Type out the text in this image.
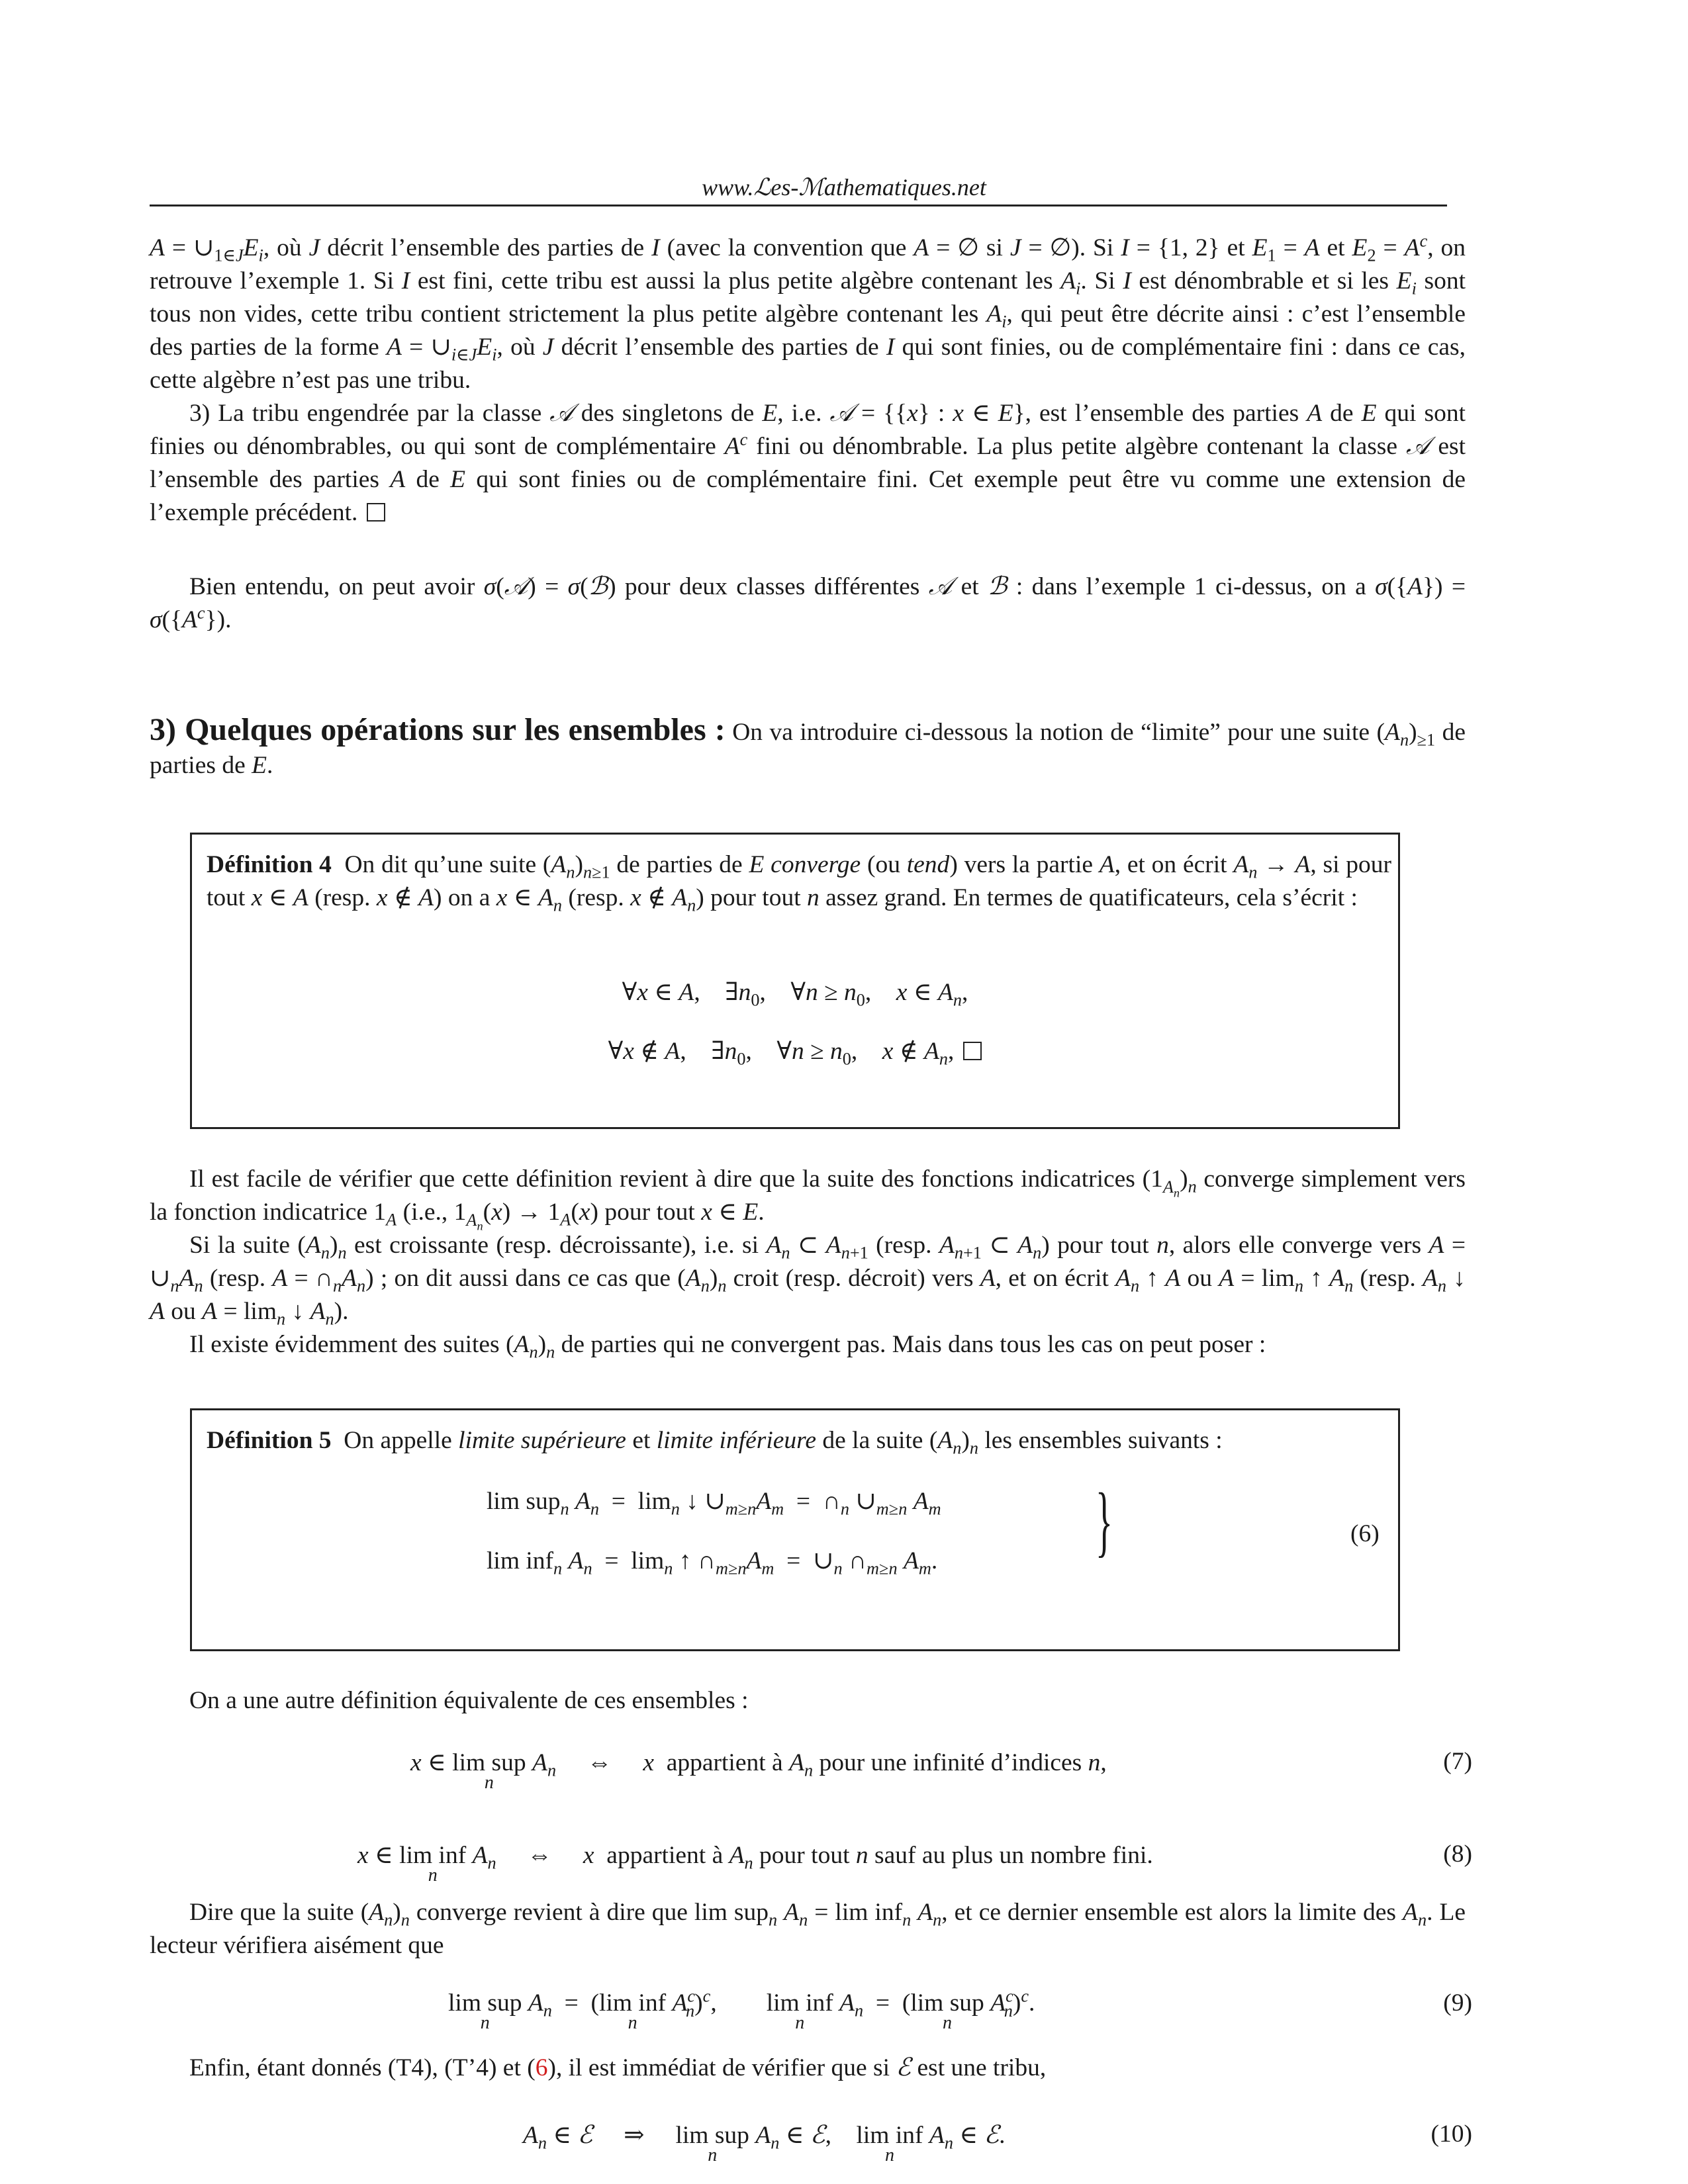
www.ℒes-ℳathematiques.net
$A = \cup_{1\in J}E_i$, où J décrit l’ensemble des parties de I (avec la convention que A = ∅ si J = ∅). Si I = {1, 2} et $E_1 = A$ et $E_2 = A^c$, on retrouve l’exemple 1. Si I est fini, cette tribu est aussi la plus petite algèbre contenant les $A_i$. Si I est dénombrable et si les $E_i$ sont tous non vides, cette tribu contient strictement la plus petite algèbre contenant les $A_i$, qui peut être décrite ainsi : c’est l’ensemble des parties de la forme $A = \cup_{i\in J}E_i$, où J décrit l’ensemble des parties de I qui sont finies, ou de complémentaire fini : dans ce cas, cette algèbre n’est pas une tribu.
3) La tribu engendrée par la classe 𝒜 des singletons de E, i.e. 𝒜 = {{x} : x ∈ E}, est l’ensemble des parties A de E qui sont finies ou dénombrables, ou qui sont de complémentaire $A^c$ fini ou dénombrable. La plus petite algèbre contenant la classe 𝒜 est l’ensemble des parties A de E qui sont finies ou de complémentaire fini. Cet exemple peut être vu comme une extension de l’exemple précédent.
Bien entendu, on peut avoir σ(𝒜) = σ(ℬ) pour deux classes différentes 𝒜 et ℬ : dans l’exemple 1 ci-dessus, on a $\sigma(\{A\}) = \sigma(\{A^c\})$.
3) Quelques opérations sur les ensembles : On va introduire ci-dessous la notion de “limite” pour une suite $(A_n)_{\ge 1}$ de parties de E.
Définition 4  On dit qu’une suite $(A_n)_{n\ge 1}$ de parties de E converge (ou tend) vers la partie A, et on écrit $A_n \to A$, si pour tout x ∈ A (resp. x ∉ A) on a x ∈ $A_n$ (resp. x ∉ $A_n$) pour tout n assez grand. En termes de quatificateurs, cela s’écrit :
∀x ∈ A,    $\exists n_0$,    ∀n ≥ $n_0$,    x ∈ $A_n$,
∀x ∉ A,    $\exists n_0$,    ∀n ≥ $n_0$,    x ∉ $A_n$,
Il est facile de vérifier que cette définition revient à dire que la suite des fonctions indicatrices $(1_{A_n})_n$ converge simplement vers la fonction indicatrice $1_A$ (i.e., $1_{A_n}(x) \to 1_A(x)$ pour tout x ∈ E.
Si la suite $(A_n)_n$ est croissante (resp. décroissante), i.e. si $A_n$ ⊂ $A_{n+1}$ (resp. $A_{n+1}$ ⊂ $A_n$) pour tout n, alors elle converge vers $A = \cup_nA_n$ (resp. $A = \cap_nA_n$) ; on dit aussi dans ce cas que $(A_n)_n$ croit (resp. décroit) vers A, et on écrit $A_n$ ↑ A ou $A = \lim_n$ ↑ $A_n$ (resp. $A_n$ ↓ A ou $A = \lim_n$ ↓ $A_n$).
Il existe évidemment des suites $(A_n)_n$ de parties qui ne convergent pas. Mais dans tous les cas on peut poser :
Définition 5  On appelle limite supérieure et limite inférieure de la suite $(A_n)_n$ les ensembles suivants :
lim sup$_n$ $A_n = \lim_n$ ↓ $\cup_{m\ge n}A_m$  =  $\cap_n$ $\cup_{m\ge n}$ $A_m$
lim inf$_n$ $A_n = \lim_n$ ↑ $\cap_{m\ge n}A_m$  =  $\cup_n$ $\cap_{m\ge n}$ $A_m$. }	(6)
On a une autre définition équivalente de ces ensembles :
x ∈ lim sup
n
$A_n$     ⇔     x  appartient à $A_n$ pour une infinité d’indices n,	(7)
x ∈ lim inf
n
$A_n$     ⇔     x  appartient à $A_n$ pour tout n sauf au plus un nombre fini.	(8)
Dire que la suite $(A_n)_n$ converge revient à dire que lim sup$_n$ $A_n = \lim inf_n$ $A_n$, et ce dernier ensemble est alors la limite des $A_n$. Le lecteur vérifiera aisément que
lim sup
n
$A_n = (\lim$ inf
n
$A^c_n)^c$,        lim inf
n
$A_n = (\lim$ sup
n
$A^c_n)^c$.	(9)
Enfin, étant donnés (T4), (T’4) et (6), il est immédiat de vérifier que si ℰ est une tribu,
$A_n$ ∈ ℰ     ⇒     lim sup
n
$A_n$ ∈ ℰ,    lim inf
n
$A_n$ ∈ ℰ.	(10)
